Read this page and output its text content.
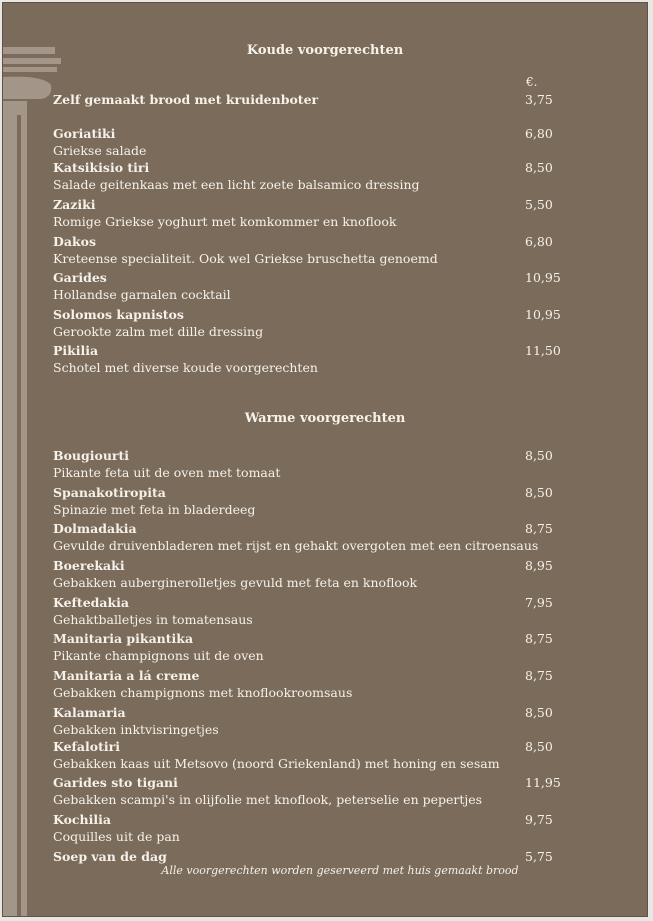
Koude voorgerechten
€.
Zelf gemaakt brood met kruidenboter	3,75
Goriatiki
Griekse salade
6,80
Katsikisio tiri
Salade geitenkaas met een licht zoete balsamico dressing
8,50
Zaziki
Romige Griekse yoghurt met komkommer en knoflook
5,50
Dakos
Kreteense specialiteit. Ook wel Griekse bruschetta genoemd
6,80
Garides
Hollandse garnalen cocktail
10,95
Solomos kapnistos
Gerookte zalm met dille dressing
10,95
Pikilia
Schotel met diverse koude voorgerechten
11,50
Warme voorgerechten
Bougiourti
Pikante feta uit de oven met tomaat
8,50
Spanakotiropita
Spinazie met feta in bladerdeeg
8,50
Dolmadakia
Gevulde druivenbladeren met rijst en gehakt overgoten met een citroensaus
8,75
Boerekaki
Gebakken auberginerolletjes gevuld met feta en knoflook
8,95
Keftedakia
Gehaktballetjes in tomatensaus
7,95
Manitaria pikantika
Pikante champignons uit de oven
8,75
Manitaria a lá creme
Gebakken champignons met knoflookroomsaus
8,75
Kalamaria
Gebakken inktvisringetjes
8,50
Kefalotiri
Gebakken kaas uit Metsovo (noord Griekenland) met honing en sesam
8,50
Garides sto tigani
Gebakken scampi's in olijfolie met knoflook, peterselie en pepertjes
11,95
Kochilia
Coquilles uit de pan
9,75
Soep van de dag	5,75
Alle voorgerechten worden geserveerd met huis gemaakt brood
